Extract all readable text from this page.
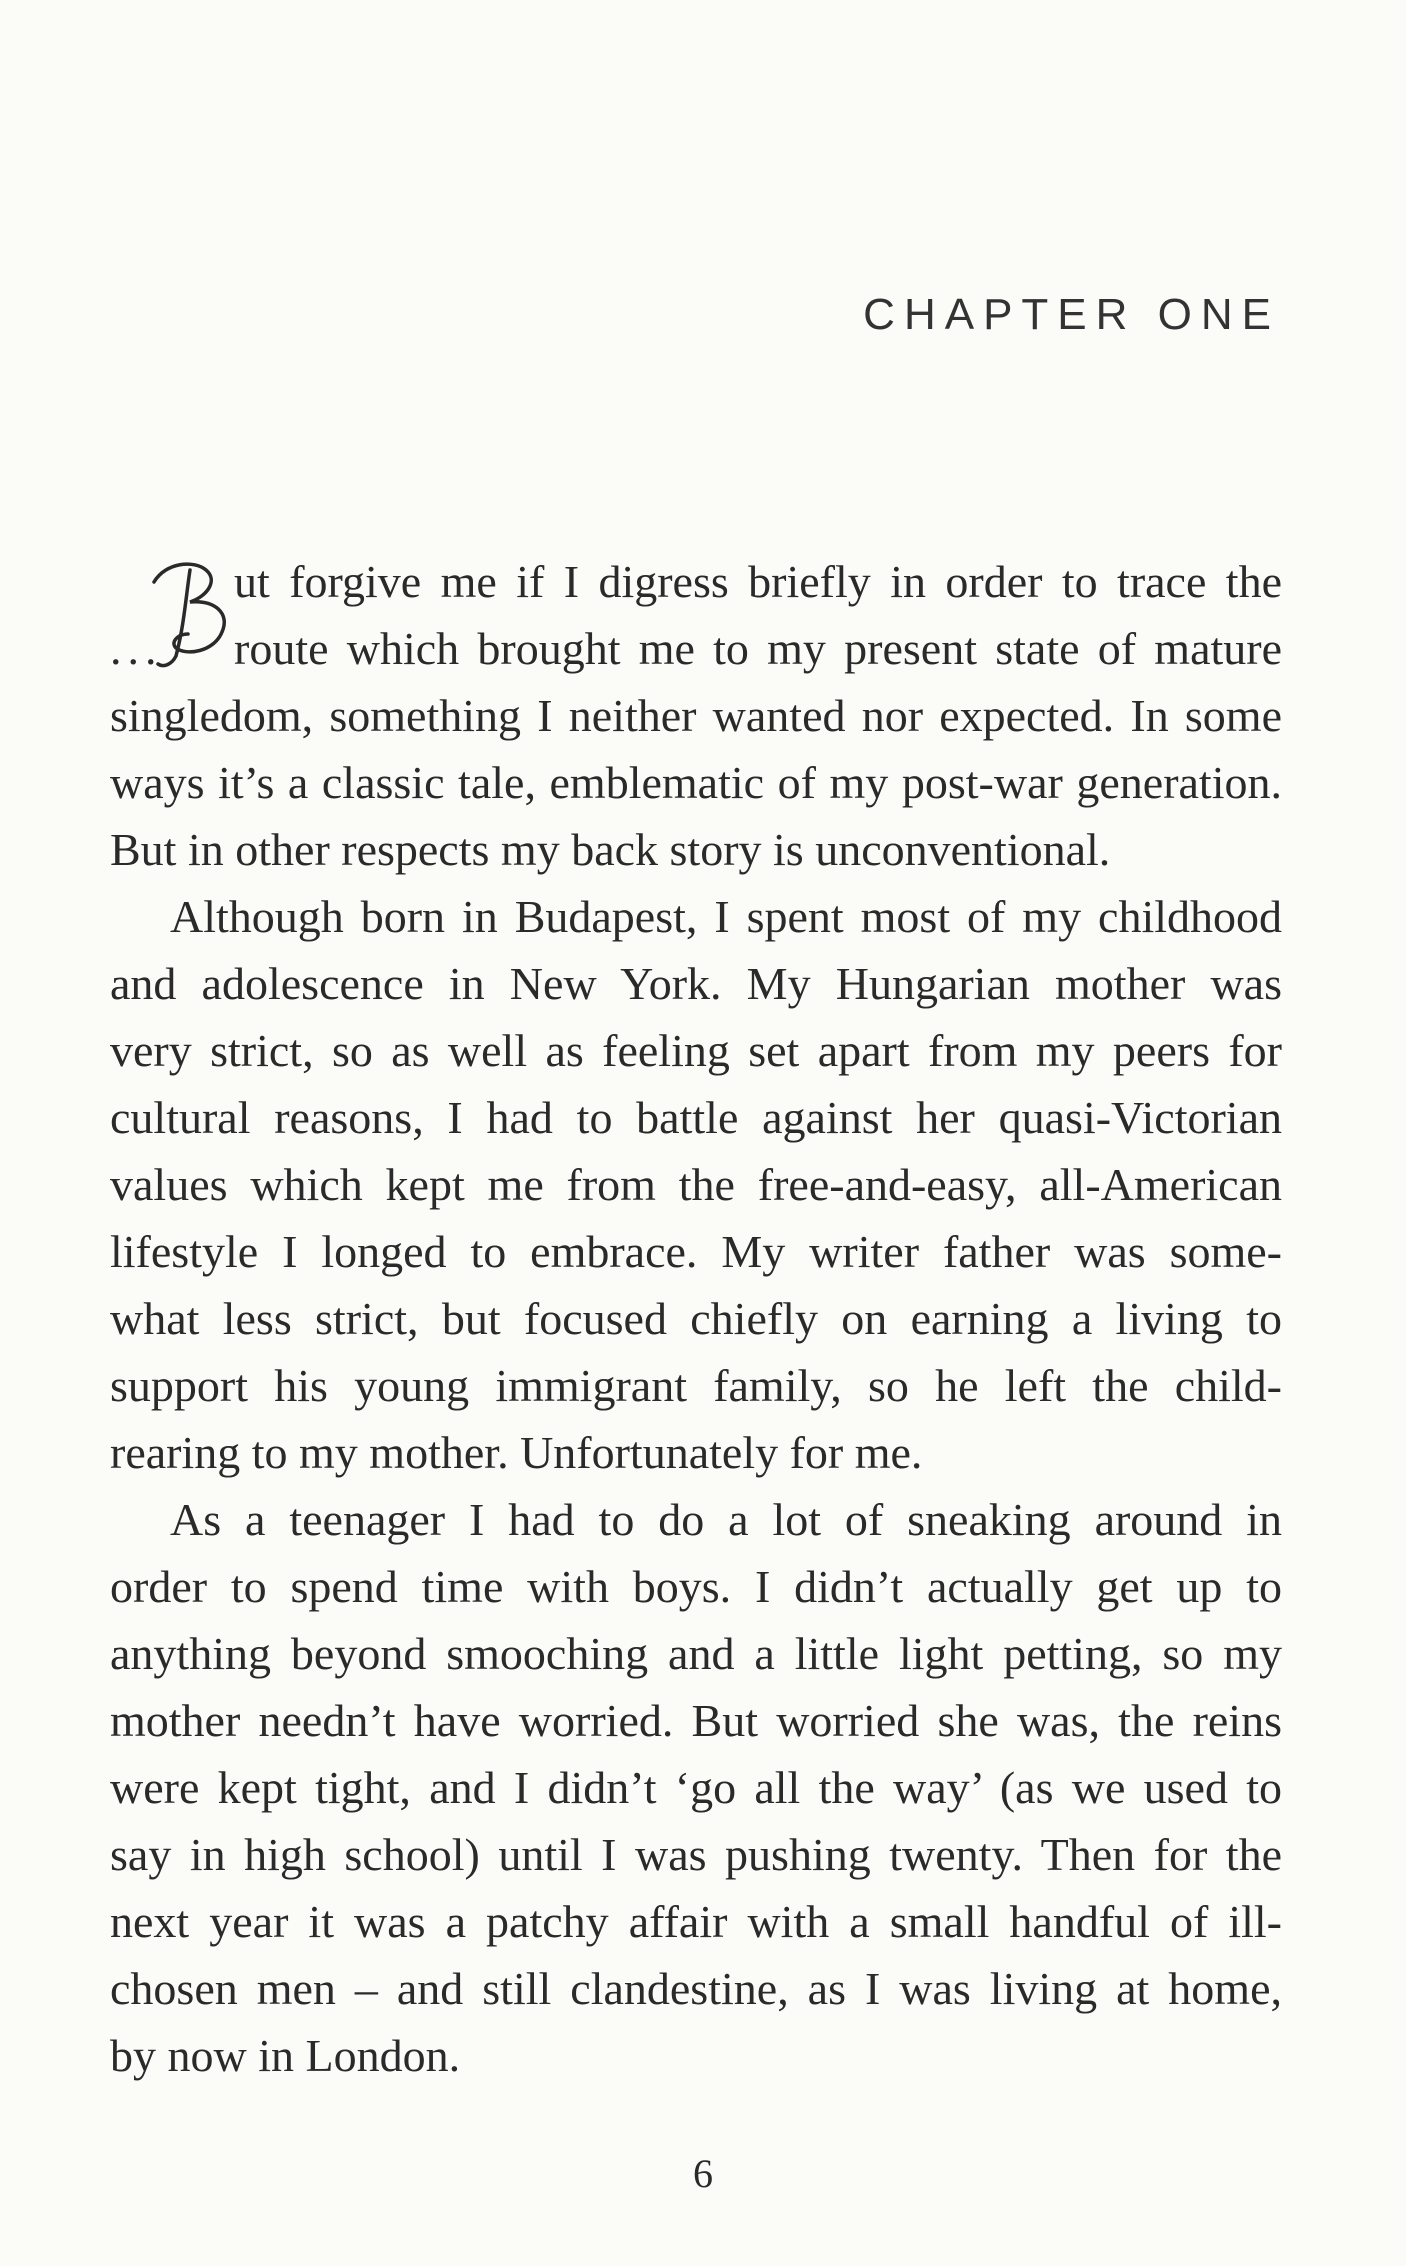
CHAPTER ONE
ut forgive me if I digress briefly in order to trace the
... route which brought me to my present state of mature
singledom, something I neither wanted nor expected. In some
ways it’s a classic tale, emblematic of my post-war generation.
But in other respects my back story is unconventional.
Although born in Budapest, I spent most of my childhood
and adolescence in New York. My Hungarian mother was
very strict, so as well as feeling set apart from my peers for
cultural reasons, I had to battle against her quasi-Victorian
values which kept me from the free-and-easy, all-American
lifestyle I longed to embrace. My writer father was some-
what less strict, but focused chiefly on earning a living to
support his young immigrant family, so he left the child-
rearing to my mother. Unfortunately for me.
As a teenager I had to do a lot of sneaking around in
order to spend time with boys. I didn’t actually get up to
anything beyond smooching and a little light petting, so my
mother needn’t have worried. But worried she was, the reins
were kept tight, and I didn’t ‘go all the way’ (as we used to
say in high school) until I was pushing twenty. Then for the
next year it was a patchy affair with a small handful of ill-
chosen men – and still clandestine, as I was living at home,
by now in London.
6
